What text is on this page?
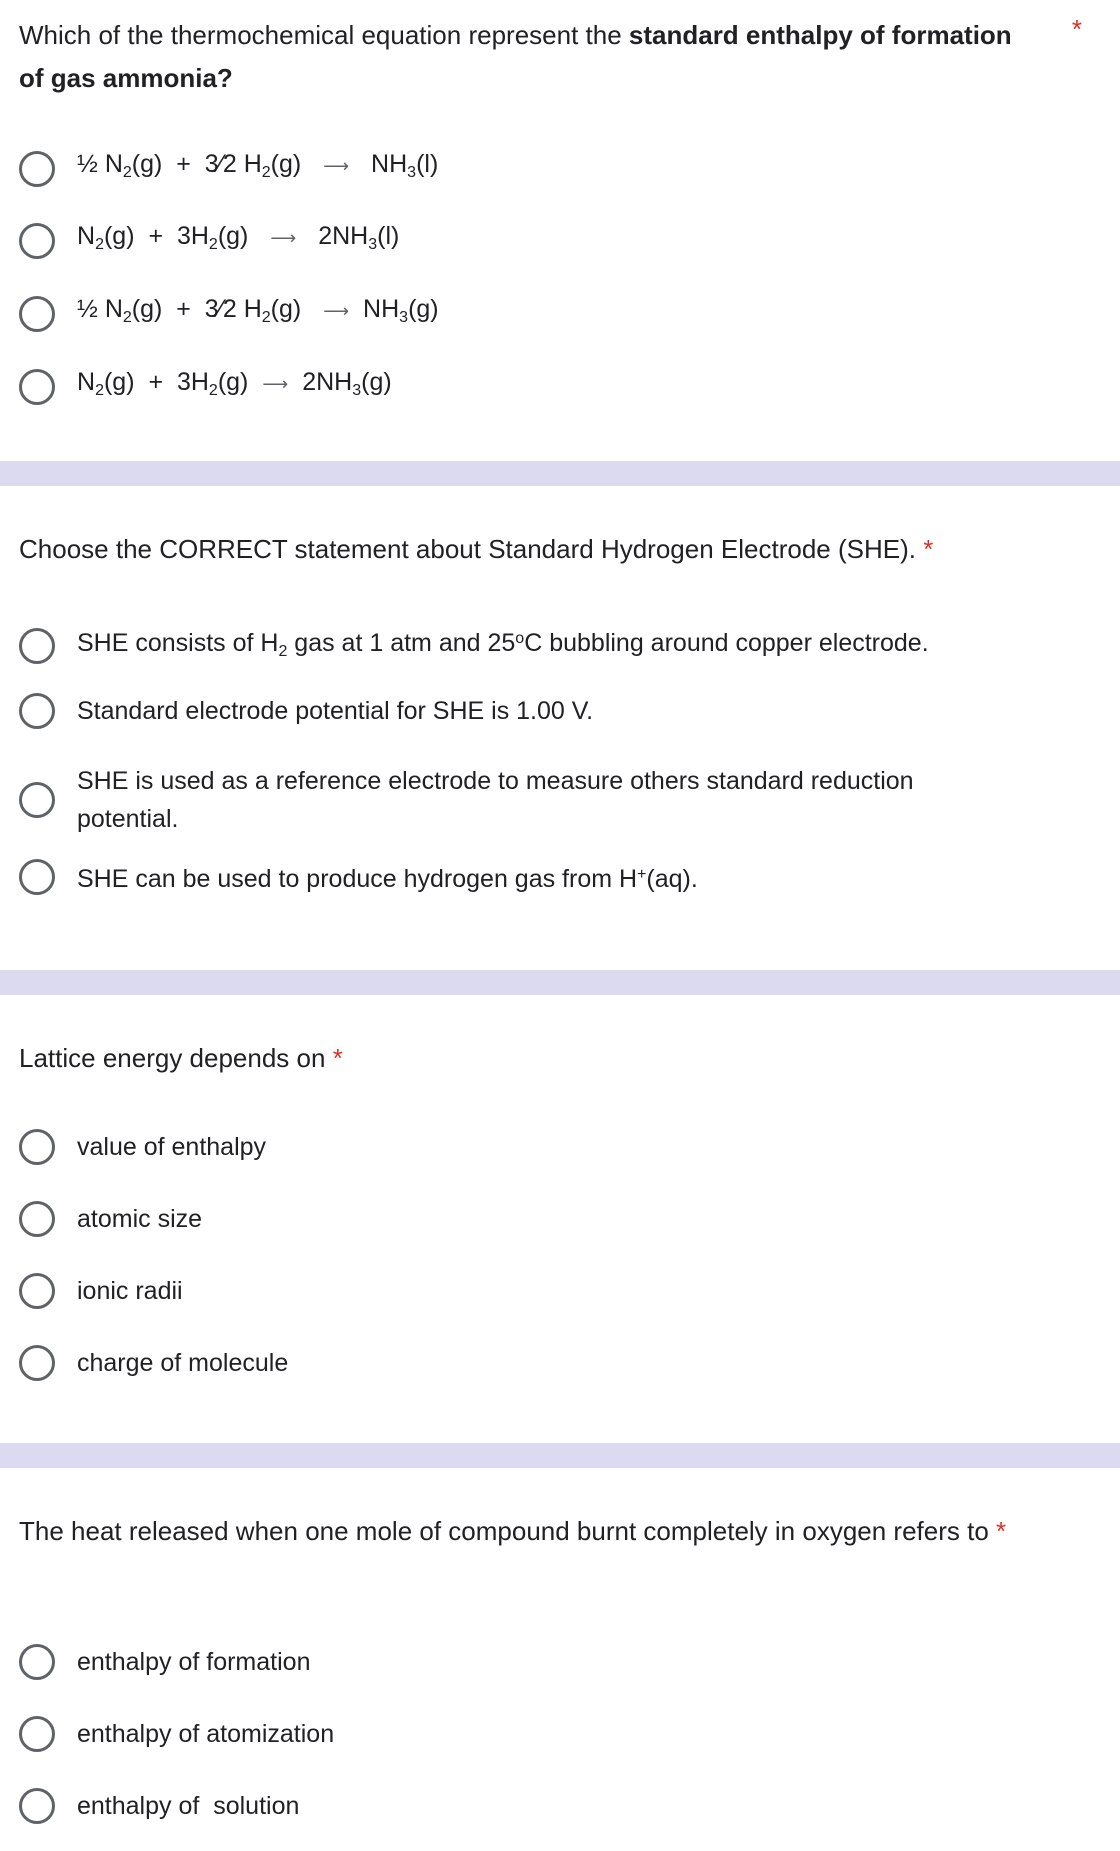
Which of the thermochemical equation represent the standard enthalpy of formation of gas ammonia?
*
½ $N_2(g)$ + 3⁄2 $H_2(g)$ ⟶ $NH_3(l)$
$N_2(g) + 3H_2(g)$ ⟶ $2NH_3(l)$
½ $N_2(g)$ + 3⁄2 $H_2(g)$ ⟶ $NH_3(g)$
$N_2(g) + 3H_2(g)$ ⟶ $2NH_3(g)$
Choose the CORRECT statement about Standard Hydrogen Electrode (SHE). *
SHE consists of $H_2$ gas at 1 atm and 25$^o$C bubbling around copper electrode.
Standard electrode potential for SHE is 1.00 V.
SHE is used as a reference electrode to measure others standard reduction potential.
SHE can be used to produce hydrogen gas from H+(aq).
Lattice energy depends on *
value of enthalpy
atomic size
ionic radii
charge of molecule
The heat released when one mole of compound burnt completely in oxygen refers to *
enthalpy of formation
enthalpy of atomization
enthalpy of  solution
